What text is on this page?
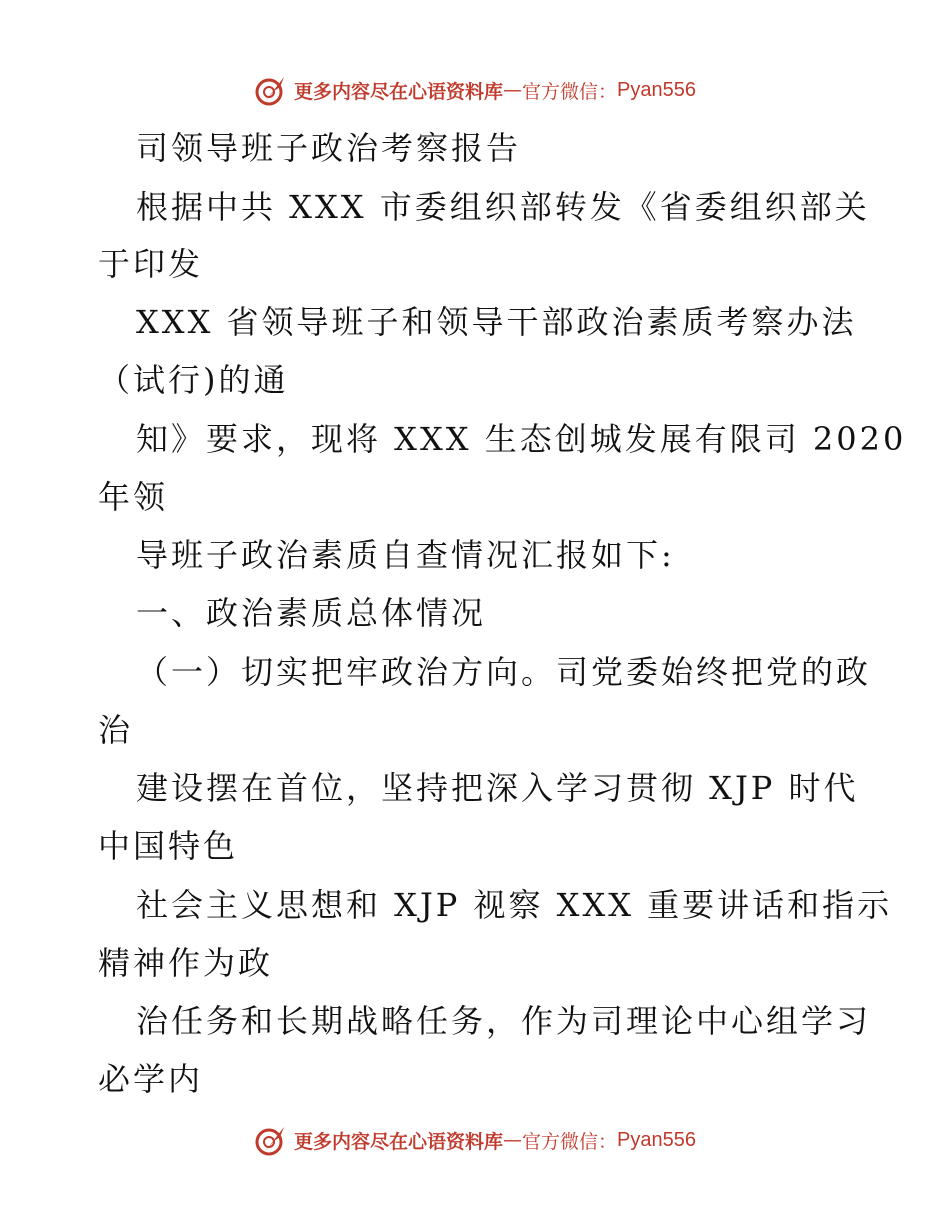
更多内容尽在心语资料库 — 官方微信： Pyan556
司领导班子政治考察报告
根据中共 XXX 市委组织部转发《省委组织部关
于印发
XXX 省领导班子和领导干部政治素质考察办法
（试行)的通
知》要求，现将 XXX 生态创城发展有限司 2020
年领
导班子政治素质自查情况汇报如下:
一、政治素质总体情况
（一）切实把牢政治方向。司党委始终把党的政
治
建设摆在首位，坚持把深入学习贯彻 XJP 时代
中国特色
社会主义思想和 XJP 视察 XXX 重要讲话和指示
精神作为政
治任务和长期战略任务，作为司理论中心组学习
必学内
更多内容尽在心语资料库 — 官方微信： Pyan556
